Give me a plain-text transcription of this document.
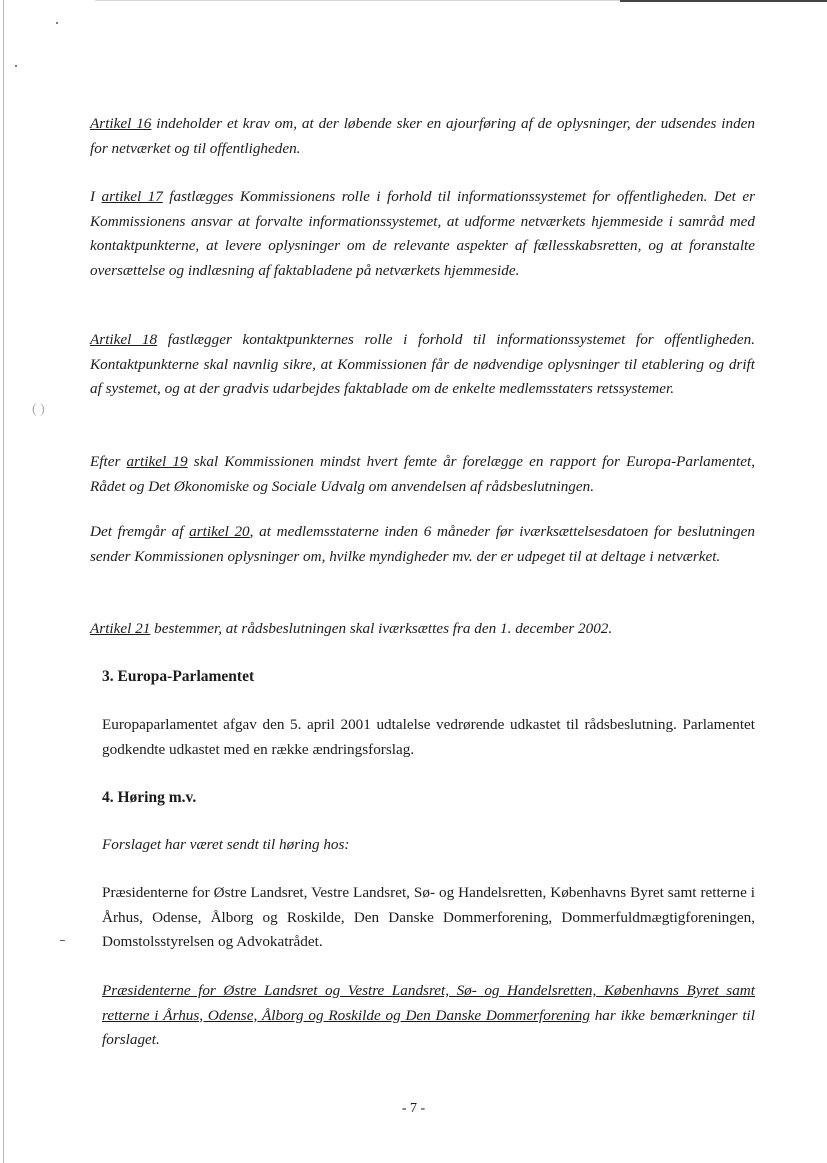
( )

Artikel 16 indeholder et krav om, at der løbende sker en ajourføring af de oplysninger, der udsendes inden for netværket og til offentligheden.

I artikel 17 fastlægges Kommissionens rolle i forhold til informationssystemet for offentligheden. Det er Kommissionens ansvar at forvalte informationssystemet, at udforme netværkets hjemmeside i samråd med kontaktpunkterne, at levere oplysninger om de relevante aspekter af fællesskabsretten, og at foranstalte oversættelse og indlæsning af faktabladene på netværkets hjemmeside.

Artikel 18 fastlægger kontaktpunkternes rolle i forhold til informationssystemet for offentligheden. Kontaktpunkterne skal navnlig sikre, at Kommissionen får de nødvendige oplysninger til etablering og drift af systemet, og at der gradvis udarbejdes faktablade om de enkelte medlemsstaters retssystemer.

Efter artikel 19 skal Kommissionen mindst hvert femte år forelægge en rapport for Europa-Parlamentet, Rådet og Det Økonomiske og Sociale Udvalg om anvendelsen af rådsbeslutningen.

Det fremgår af artikel 20, at medlemsstaterne inden 6 måneder før iværksættelsesdatoen for beslutningen sender Kommissionen oplysninger om, hvilke myndigheder mv. der er udpeget til at deltage i netværket.

Artikel 21 bestemmer, at rådsbeslutningen skal iværksættes fra den 1. december 2002.

3. Europa-Parlamentet

Europaparlamentet afgav den 5. april 2001 udtalelse vedrørende udkastet til rådsbeslutning. Parlamentet godkendte udkastet med en række ændringsforslag.

4. Høring m.v.

Forslaget har været sendt til høring hos:

Præsidenterne for Østre Landsret, Vestre Landsret, Sø- og Handelsretten, Københavns Byret samt retterne i Århus, Odense, Ålborg og Roskilde, Den Danske Dommerforening, Dommerfuldmægtigforeningen, Domstolsstyrelsen og Advokatrådet.

Præsidenterne for Østre Landsret og Vestre Landsret, Sø- og Handelsretten, Københavns Byret samt retterne i Århus, Odense, Ålborg og Roskilde og Den Danske Dommerforening har ikke bemærkninger til forslaget.

- 7 -
